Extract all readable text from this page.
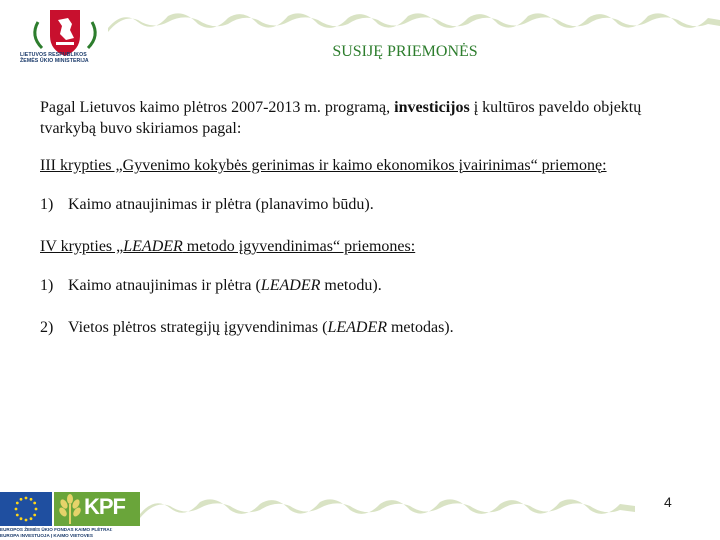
LIETUVOS RESPUBLIKOS
ŽEMĖS ŪKIO MINISTERIJA
SUSIJĘ PRIEMONĖS

Pagal Lietuvos kaimo plėtros 2007-2013 m. programą, investicijos į kultūros paveldo objektų tvarkybą buvo skiriamos pagal:

III krypties „Gyvenimo kokybės gerinimas ir kaimo ekonomikos įvairinimas“ priemonę:

1) Kaimo atnaujinimas ir plėtra (planavimo būdu).

IV krypties „LEADER metodo įgyvendinimas“ priemones:

1) Kaimo atnaujinimas ir plėtra (LEADER metodu).

2) Vietos plėtros strategijų įgyvendinimas (LEADER metodas).

4
KPF
EUROPOS ŽEMĖS ŪKIO FONDAS KAIMO PLĖTRAI:
EUROPA INVESTUOJA Į KAIMO VIETOVES
